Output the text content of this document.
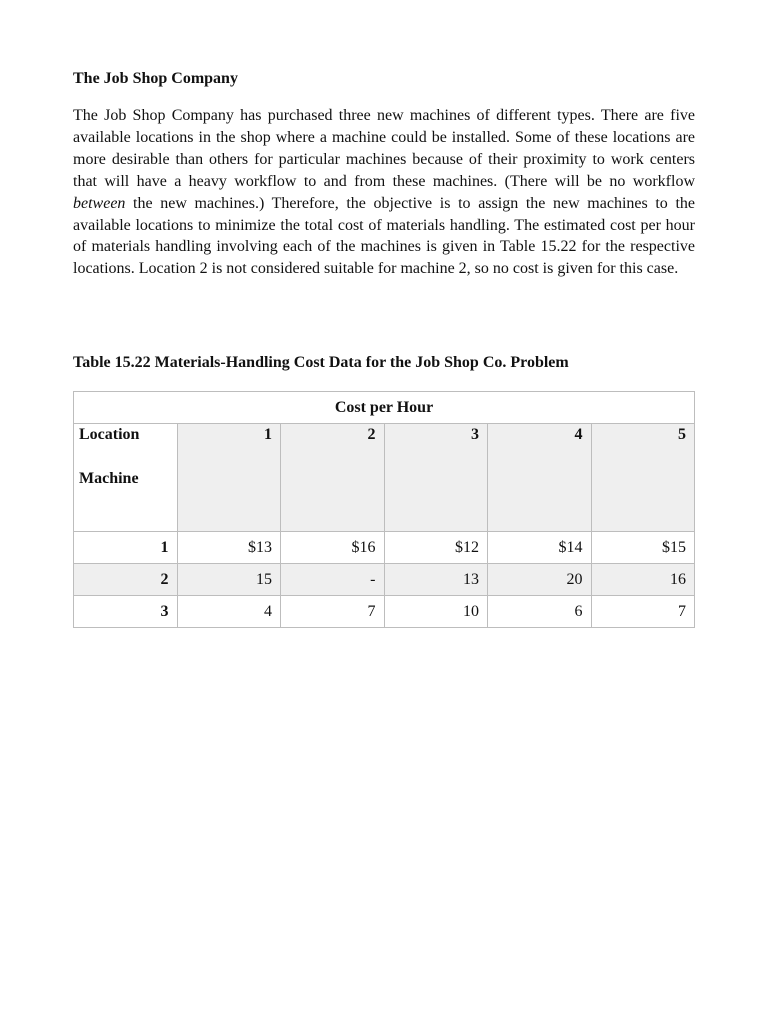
The Job Shop Company
The Job Shop Company has purchased three new machines of different types. There are five available locations in the shop where a machine could be installed. Some of these locations are more desirable than others for particular machines because of their proximity to work centers that will have a heavy workflow to and from these machines. (There will be no workflow between the new machines.) Therefore, the objective is to assign the new machines to the available locations to minimize the total cost of materials handling. The estimated cost per hour of materials handling involving each of the machines is given in Table 15.22 for the respective locations. Location 2 is not considered suitable for machine 2, so no cost is given for this case.
Table 15.22 Materials-Handling Cost Data for the Job Shop Co. Problem
Cost per Hour					

Location
Machine	1	2	3	4	5

1	$13	$16	$12	$14	$15
2	15	-	13	20	16
3	4	7	10	6	7
